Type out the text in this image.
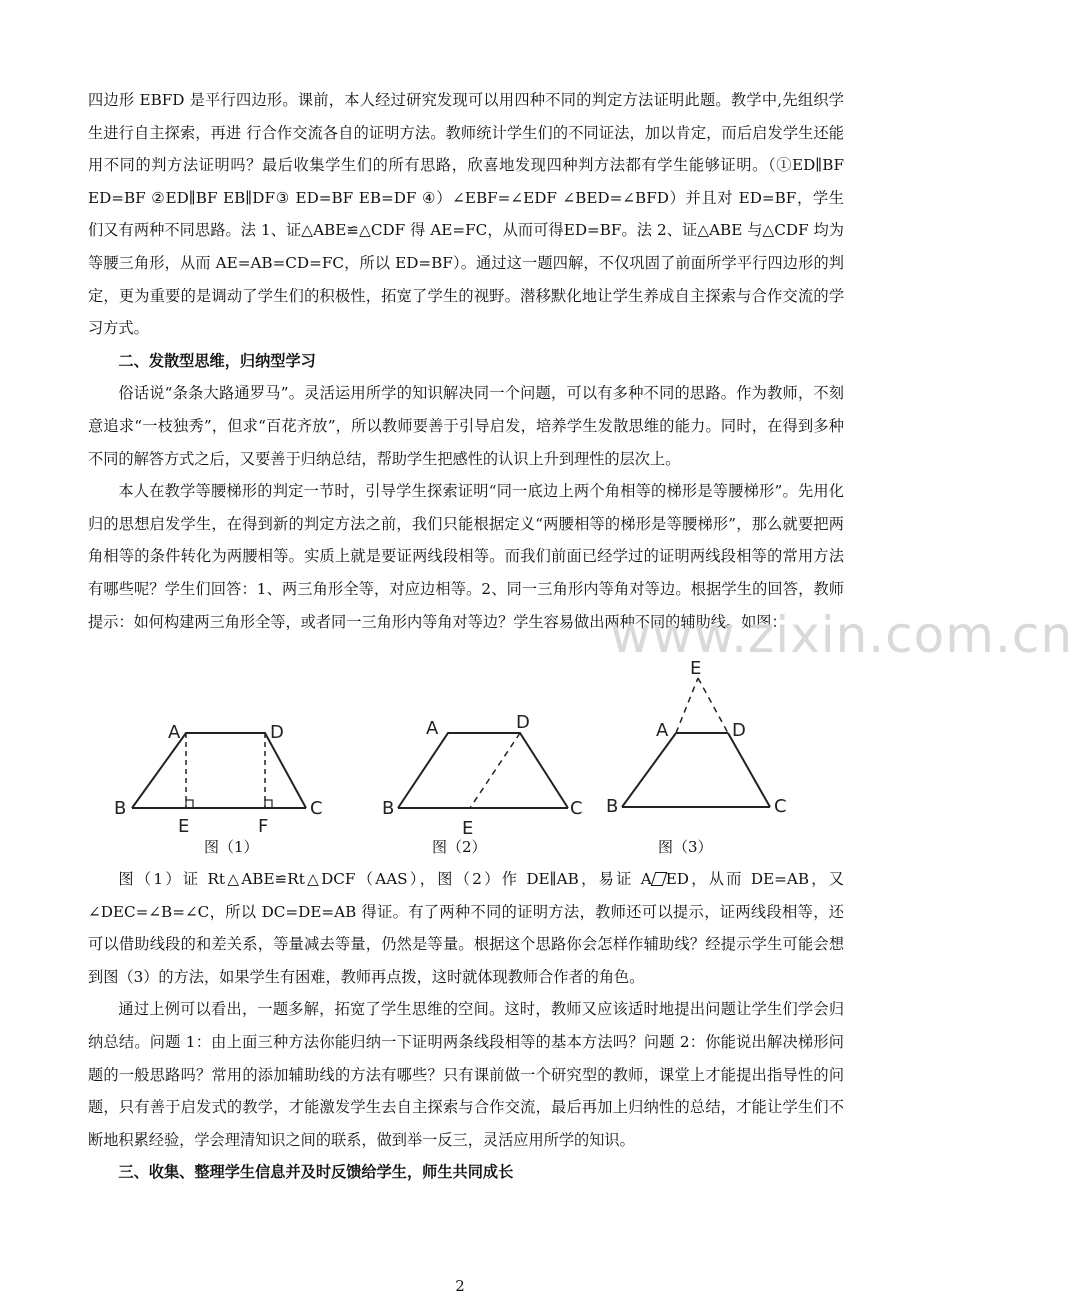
四边形 EBFD 是平行四边形。课前，本人经过研究发现可以用四种不同的判定方法证明此题。教学中,先组织学生进行自主探索，再进 行合作交流各自的证明方法。教师统计学生们的不同证法，加以肯定，而后启发学生还能用不同的判方法证明吗？最后收集学生们的所有思路，欣喜地发现四种判方法都有学生能够证明。（①ED∥BF ED=BF ②ED∥BF EB∥DF③ ED=BF EB=DF ④）∠EBF=∠EDF ∠BED=∠BFD）并且对 ED=BF，学生们又有两种不同思路。法 1、证△ABE≌△CDF 得 AE=FC，从而可得ED=BF。法 2、证△ABE 与△CDF 均为等腰三角形，从而 AE=AB=CD=FC，所以 ED=BF）。通过这一题四解，不仅巩固了前面所学平行四边形的判定，更为重要的是调动了学生们的积极性，拓宽了学生的视野。潜移默化地让学生养成自主探索与合作交流的学习方式。

二、发散型思维，归纳型学习

俗话说“条条大路通罗马”。灵活运用所学的知识解决同一个问题，可以有多种不同的思路。作为教师，不刻意追求“一枝独秀”，但求“百花齐放”，所以教师要善于引导启发，培养学生发散思维的能力。同时，在得到多种不同的解答方式之后，又要善于归纳总结，帮助学生把感性的认识上升到理性的层次上。

本人在教学等腰梯形的判定一节时，引导学生探索证明“同一底边上两个角相等的梯形是等腰梯形”。先用化归的思想启发学生，在得到新的判定方法之前，我们只能根据定义“两腰相等的梯形是等腰梯形”，那么就要把两角相等的条件转化为两腰相等。实质上就是要证两线段相等。而我们前面已经学过的证明两线段相等的常用方法有哪些呢？学生们回答：1、两三角形全等，对应边相等。2、同一三角形内等角对等边。根据学生的回答，教师提示：如何构建两三角形全等，或者同一三角形内等角对等边？学生容易做出两种不同的辅助线。如图：

www.zixin.com.cn
A	D
B	C
E	F
图（1）
A	D
B	C
E
图（2）
E
A	D
B	C
图（3）

图（1）证 Rt△ABE≌Rt△DCF（AAS），图（2）作 DE∥AB，易证 A ED，从而 DE=AB，又∠DEC=∠B=∠C，所以 DC=DE=AB 得证。有了两种不同的证明方法，教师还可以提示，证两线段相等，还可以借助线段的和差关系，等量减去等量，仍然是等量。根据这个思路你会怎样作辅助线？经提示学生可能会想到图（3）的方法，如果学生有困难，教师再点拨，这时就体现教师合作者的角色。

通过上例可以看出，一题多解，拓宽了学生思维的空间。这时，教师又应该适时地提出问题让学生们学会归纳总结。问题 1：由上面三种方法你能归纳一下证明两条线段相等的基本方法吗？问题 2：你能说出解决梯形问题的一般思路吗？常用的添加辅助线的方法有哪些？只有课前做一个研究型的教师，课堂上才能提出指导性的问题，只有善于启发式的教学，才能激发学生去自主探索与合作交流，最后再加上归纳性的总结，才能让学生们不断地积累经验，学会理清知识之间的联系，做到举一反三，灵活应用所学的知识。

三、收集、整理学生信息并及时反馈给学生，师生共同成长

2
